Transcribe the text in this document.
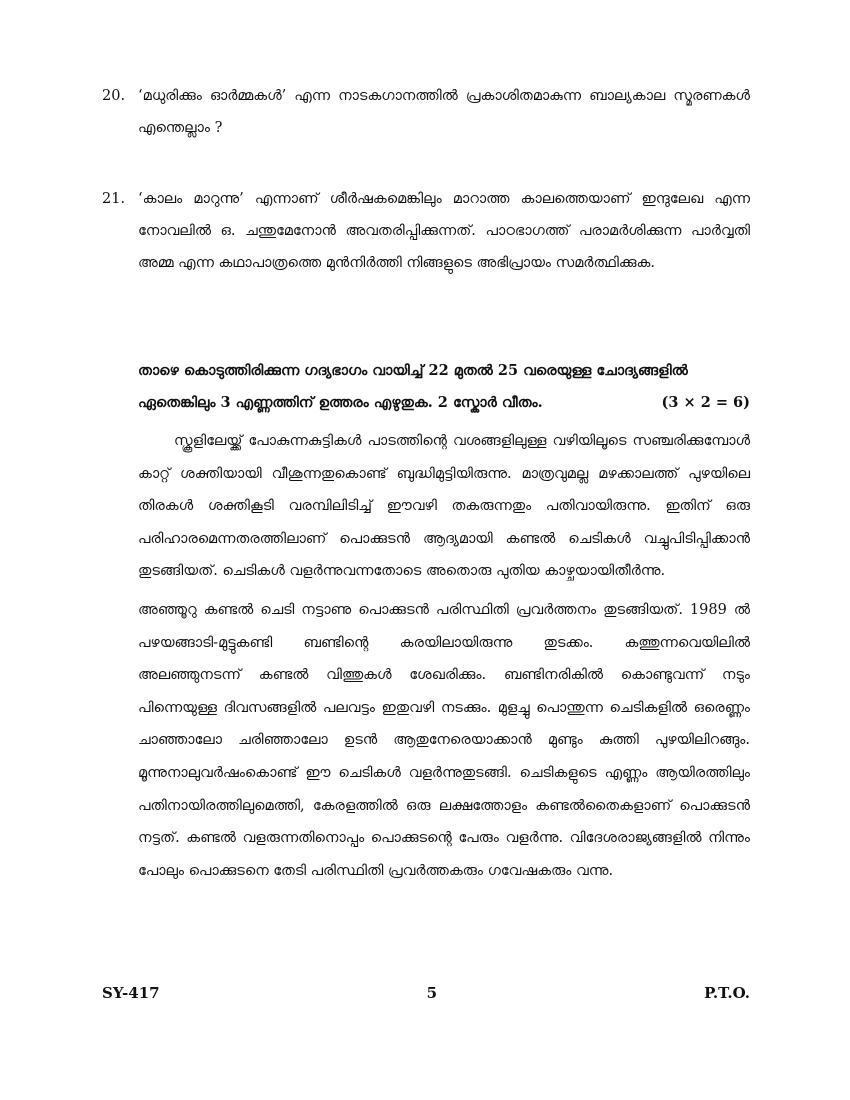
20. ‘മധുരിക്കും ഓർമ്മകൾ’ എന്ന നാടകഗാനത്തിൽ പ്രകാശിതമാകുന്ന ബാല്യകാല സ്മരണകൾ എന്തെല്ലാം ?
21. ‘കാലം മാറുന്നു’ എന്നാണ് ശീർഷകമെങ്കിലും മാറാത്ത കാലത്തെയാണ് ഇന്ദുലേഖ എന്ന നോവലിൽ ഒ. ചന്തുമേനോൻ അവതരിപ്പിക്കുന്നത്. പാഠഭാഗത്ത് പരാമർശിക്കുന്ന പാർവ്വതി അമ്മ എന്ന കഥാപാത്രത്തെ മുൻനിർത്തി നിങ്ങളുടെ അഭിപ്രായം സമർത്ഥിക്കുക.
താഴെ കൊടുത്തിരിക്കുന്ന ഗദ്യഭാഗം വായിച്ച് 22 മുതൽ 25 വരെയുള്ള ചോദ്യങ്ങളിൽ
ഏതെങ്കിലും 3 എണ്ണത്തിന് ഉത്തരം എഴുതുക. 2 സ്കോർ വീതം.	(3 × 2 = 6)

സ്കൂളിലേയ്ക്ക് പോകുന്നകുട്ടികൾ പാടത്തിന്റെ വശങ്ങളിലുള്ള വഴിയിലൂടെ സഞ്ചരിക്കുമ്പോൾ കാറ്റ് ശക്തിയായി വീശുന്നതുകൊണ്ട് ബുദ്ധിമുട്ടിയിരുന്നു. മാത്രവുമല്ല മഴക്കാലത്ത് പുഴയിലെ തിരകൾ ശക്തികൂടി വരമ്പിലിടിച്ച് ഈവഴി തകരുന്നതും പതിവായിരുന്നു. ഇതിന് ഒരു പരിഹാരമെന്നതരത്തിലാണ് പൊക്കുടൻ ആദ്യമായി കണ്ടൽ ചെടികൾ വച്ചുപിടിപ്പിക്കാൻ തുടങ്ങിയത്. ചെടികൾ വളർന്നുവന്നതോടെ അതൊരു പുതിയ കാഴ്ചയായിതീർന്നു.

അഞ്ഞൂറു കണ്ടൽ ചെടി നട്ടാണു പൊക്കുടൻ പരിസ്ഥിതി പ്രവർത്തനം തുടങ്ങിയത്. 1989 ൽ പഴയങ്ങാടി-മുട്ടുകണ്ടി ബണ്ടിന്റെ കരയിലായിരുന്നു തുടക്കം. കത്തുന്നവെയിലിൽ അലഞ്ഞുനടന്ന് കണ്ടൽ വിത്തുകൾ ശേഖരിക്കും. ബണ്ടിനരികിൽ കൊണ്ടുവന്ന് നടും പിന്നെയുള്ള ദിവസങ്ങളിൽ പലവട്ടം ഇതുവഴി നടക്കും. മുളച്ചു പൊന്തുന്ന ചെടികളിൽ ഒരെണ്ണം ചാഞ്ഞാലോ ചരിഞ്ഞാലോ ഉടൻ ആതുനേരെയാക്കാൻ മുണ്ടും കുത്തി പുഴയിലിറങ്ങും. മൂന്നുനാലുവർഷംകൊണ്ട് ഈ ചെടികൾ വളർന്നുതുടങ്ങി. ചെടികളുടെ എണ്ണം ആയിരത്തിലും പതിനായിരത്തിലുമെത്തി, കേരളത്തിൽ ഒരു ലക്ഷത്തോളം കണ്ടൽതൈകളാണ് പൊക്കുടൻ നട്ടത്. കണ്ടൽ വളരുന്നതിനൊപ്പം പൊക്കുടന്റെ പേരും വളർന്നു. വിദേശരാജ്യങ്ങളിൽ നിന്നും പോലും പൊക്കുടനെ തേടി പരിസ്ഥിതി പ്രവർത്തകരും ഗവേഷകരും വന്നു.

SY-417	5	P.T.O.
